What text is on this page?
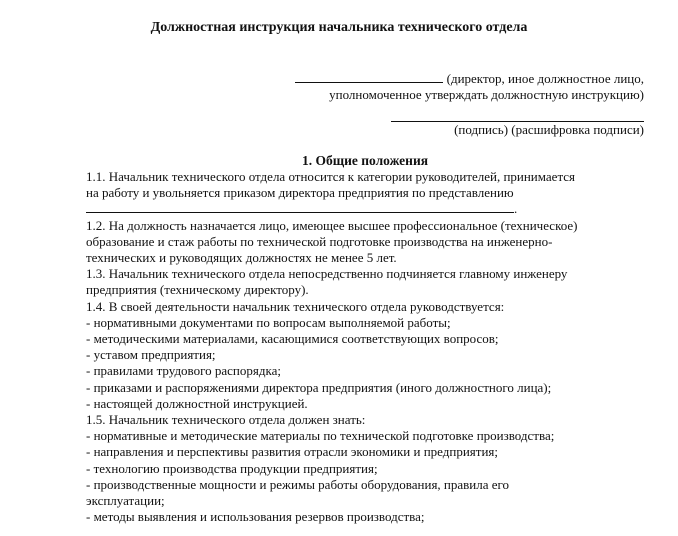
Должностная инструкция начальника технического отдела
(директор, иное должностное лицо,
уполномоченное утверждать должностную инструкцию)
(подпись) (расшифровка подписи)
1. Общие положения

1.1. Начальник технического отдела относится к категории руководителей, принимается

на работу и увольняется приказом директора предприятия по представлению

.

1.2. На должность назначается лицо, имеющее высшее профессиональное (техническое)

образование и стаж работы по технической подготовке производства на инженерно-

технических и руководящих должностях не менее 5 лет.

1.3. Начальник технического отдела непосредственно подчиняется главному инженеру

предприятия (техническому директору).

1.4. В своей деятельности начальник технического отдела руководствуется:

- нормативными документами по вопросам выполняемой работы;

- методическими материалами, касающимися соответствующих вопросов;

- уставом предприятия;

- правилами трудового распорядка;

- приказами и распоряжениями директора предприятия (иного должностного лица);

- настоящей должностной инструкцией.

1.5. Начальник технического отдела должен знать:

- нормативные и методические материалы по технической подготовке производства;

- направления и перспективы развития отрасли экономики и предприятия;

- технологию производства продукции предприятия;

- производственные мощности и режимы работы оборудования, правила его

эксплуатации;

- методы выявления и использования резервов производства;
